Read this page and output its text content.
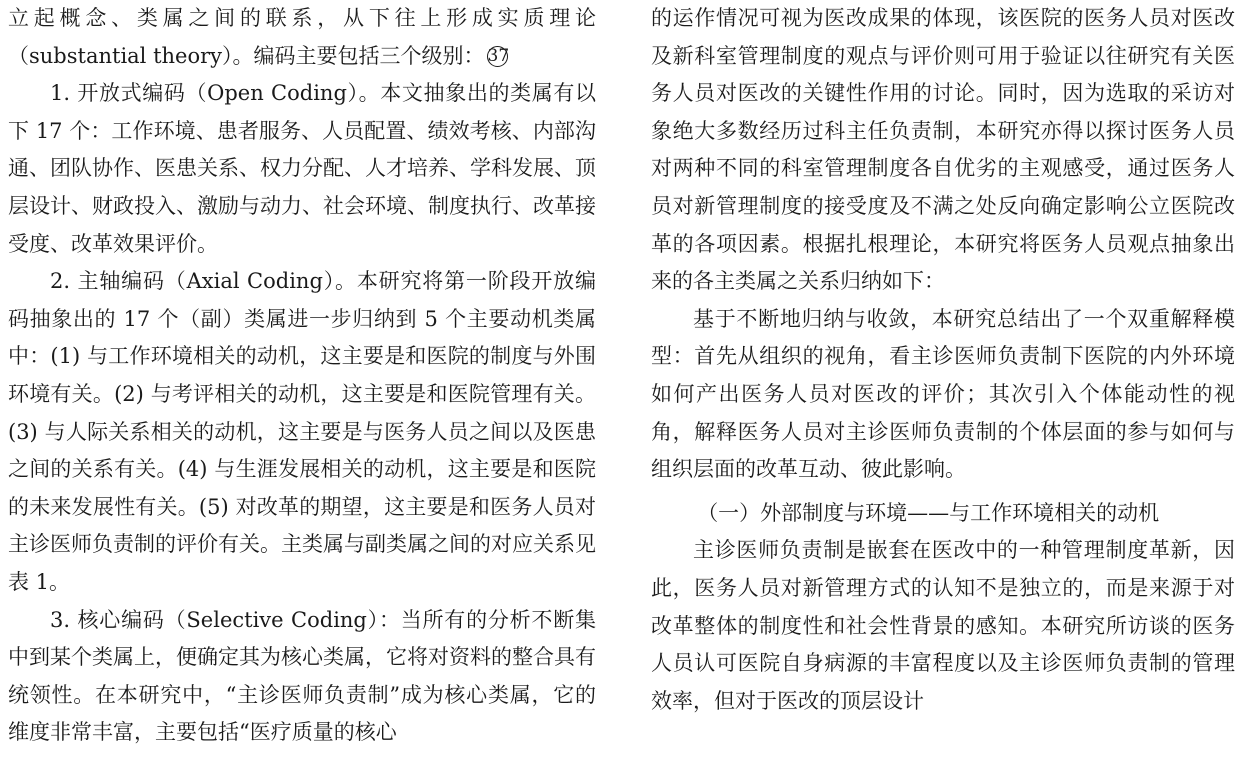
立起概念、类属之间的联系，从下往上形成实质理论（substantial theory）。编码主要包括三个级别： 37

1. 开放式编码（Open Coding）。本文抽象出的类属有以下 17 个：工作环境、患者服务、人员配置、绩效考核、内部沟通、团队协作、医患关系、权力分配、人才培养、学科发展、顶层设计、财政投入、激励与动力、社会环境、制度执行、改革接受度、改革效果评价。

2. 主轴编码（Axial Coding）。本研究将第一阶段开放编码抽象出的 17 个（副）类属进一步归纳到 5 个主要动机类属中：(1) 与工作环境相关的动机，这主要是和医院的制度与外围环境有关。(2) 与考评相关的动机，这主要是和医院管理有关。(3) 与人际关系相关的动机，这主要是与医务人员之间以及医患之间的关系有关。(4) 与生涯发展相关的动机，这主要是和医院的未来发展性有关。(5) 对改革的期望，这主要是和医务人员对主诊医师负责制的评价有关。主类属与副类属之间的对应关系见表 1。

3. 核心编码（Selective Coding）：当所有的分析不断集中到某个类属上，便确定其为核心类属，它将对资料的整合具有统领性。在本研究中，“主诊医师负责制”成为核心类属，它的维度非常丰富，主要包括“医疗质量的核心

的运作情况可视为医改成果的体现，该医院的医务人员对医改及新科室管理制度的观点与评价则可用于验证以往研究有关医务人员对医改的关键性作用的讨论。同时，因为选取的采访对象绝大多数经历过科主任负责制，本研究亦得以探讨医务人员对两种不同的科室管理制度各自优劣的主观感受，通过医务人员对新管理制度的接受度及不满之处反向确定影响公立医院改革的各项因素。根据扎根理论，本研究将医务人员观点抽象出来的各主类属之关系归纳如下：

基于不断地归纳与收敛，本研究总结出了一个双重解释模型：首先从组织的视角，看主诊医师负责制下医院的内外环境如何产出医务人员对医改的评价；其次引入个体能动性的视角，解释医务人员对主诊医师负责制的个体层面的参与如何与组织层面的改革互动、彼此影响。

（一）外部制度与环境——与工作环境相关的动机

主诊医师负责制是嵌套在医改中的一种管理制度革新，因此，医务人员对新管理方式的认知不是独立的，而是来源于对改革整体的制度性和社会性背景的感知。本研究所访谈的医务人员认可医院自身病源的丰富程度以及主诊医师负责制的管理效率，但对于医改的顶层设计
